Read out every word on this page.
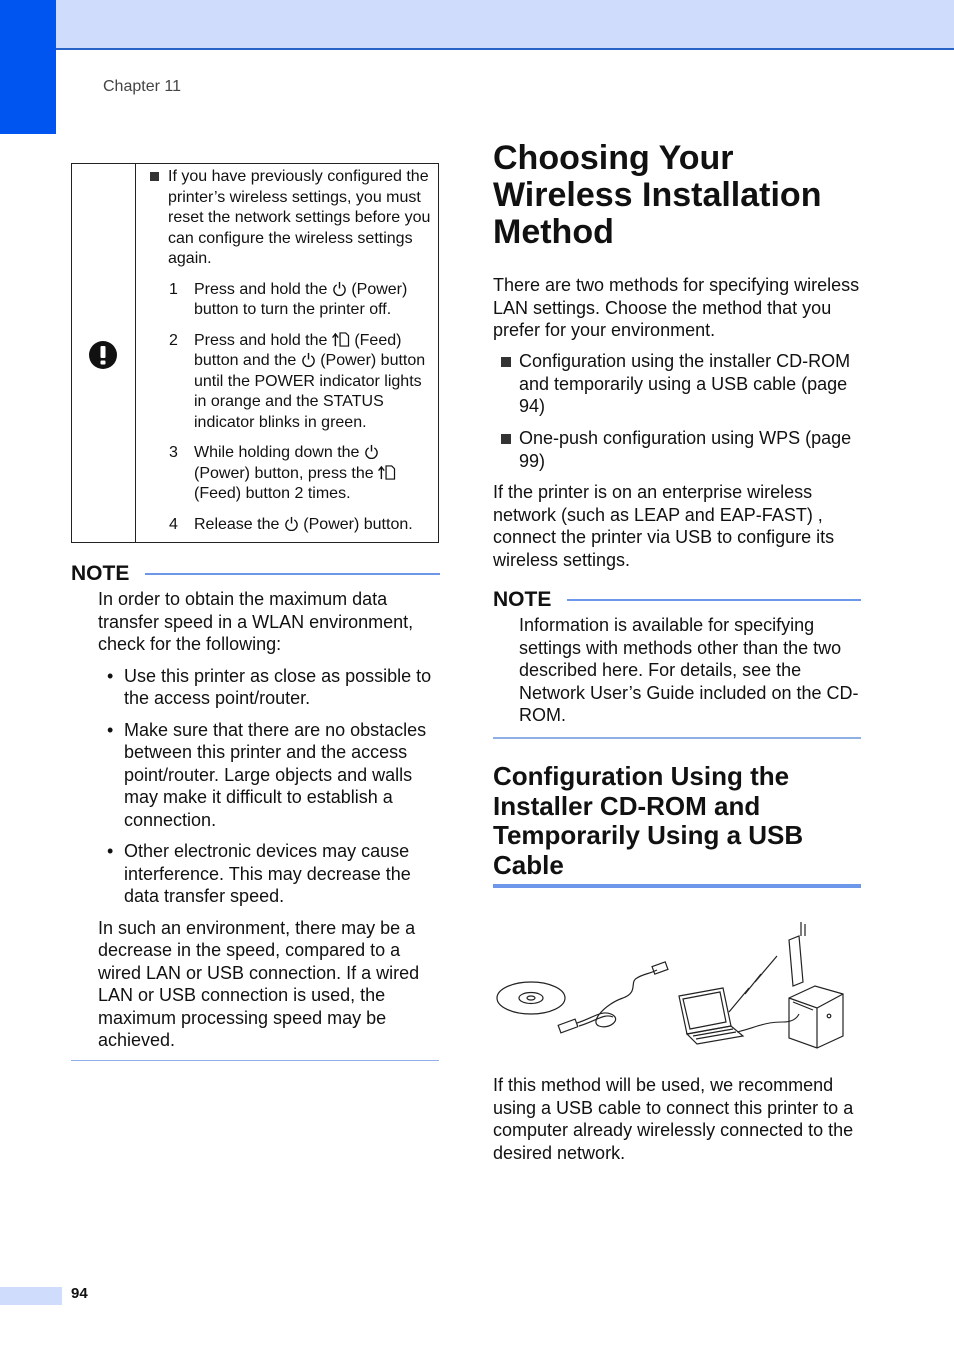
Chapter 11
If you have previously configured the printer’s wireless settings, you must reset the network settings before you can configure the wireless settings again.
1 Press and hold the (Power) button to turn the printer off.
2 Press and hold the (Feed) button and the (Power) button until the POWER indicator lights in orange and the STATUS indicator blinks in green.
3 While holding down the  (Power) button, press the  (Feed) button 2 times.
4 Release the (Power) button.
NOTE

In order to obtain the maximum data transfer speed in a WLAN environment, check for the following:

• Use this printer as close as possible to the access point/router.
• Make sure that there are no obstacles between this printer and the access point/router. Large objects and walls may make it difficult to establish a connection.
• Other electronic devices may cause interference. This may decrease the data transfer speed.

In such an environment, there may be a decrease in the speed, compared to a wired LAN or USB connection. If a wired LAN or USB connection is used, the maximum processing speed may be achieved.

Choosing Your Wireless Installation Method
There are two methods for specifying wireless LAN settings. Choose the method that you prefer for your environment.
Configuration using the installer CD-ROM and temporarily using a USB cable (page 94)
One-push configuration using WPS (page 99)
If the printer is on an enterprise wireless network (such as LEAP and EAP-FAST) , connect the printer via USB to configure its wireless settings.
NOTE
Information is available for specifying settings with methods other than the two described here. For details, see the Network User’s Guide included on the CD-ROM.
Configuration Using the Installer CD-ROM and Temporarily Using a USB Cable
If this method will be used, we recommend using a USB cable to connect this printer to a computer already wirelessly connected to the desired network.
94
